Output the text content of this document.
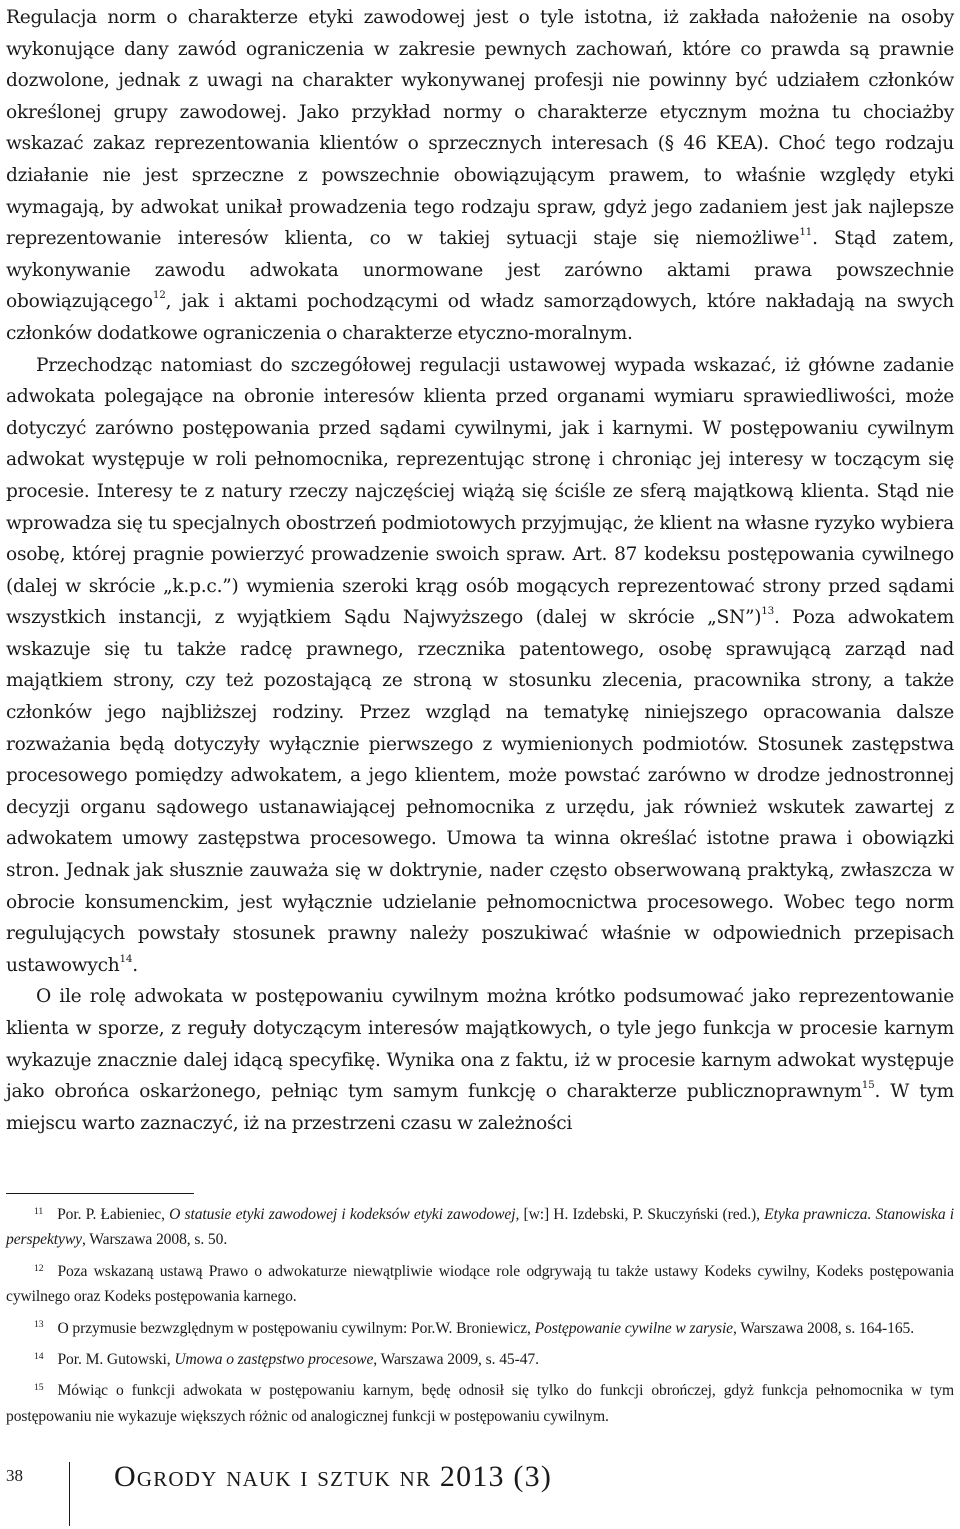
Regulacja norm o charakterze etyki zawodowej jest o tyle istotna, iż zakłada nałożenie na osoby wykonujące dany zawód ograniczenia w zakresie pewnych zachowań, które co prawda są prawnie dozwolone, jednak z uwagi na charakter wykonywanej profesji nie powinny być udziałem członków określonej grupy zawodowej. Jako przykład normy o charakterze etycznym można tu chociażby wskazać zakaz reprezentowania klientów o sprzecznych interesach (§ 46 KEA). Choć tego rodzaju działanie nie jest sprzeczne z powszechnie obowiązującym prawem, to właśnie względy etyki wymagają, by adwokat unikał prowadzenia tego rodzaju spraw, gdyż jego zadaniem jest jak najlepsze reprezentowanie interesów klienta, co w takiej sytuacji staje się niemożliwe$^{11}$. Stąd zatem, wykonywanie zawodu adwokata unormowane jest zarówno aktami prawa powszechnie obowiązującego$^{12}$, jak i aktami pochodzącymi od władz samorządowych, które nakładają na swych członków dodatkowe ograniczenia o charakterze etyczno-moralnym.

Przechodząc natomiast do szczegółowej regulacji ustawowej wypada wskazać, iż główne zadanie adwokata polegające na obronie interesów klienta przed organami wymiaru sprawiedliwości, może dotyczyć zarówno postępowania przed sądami cywilnymi, jak i karnymi. W postępowaniu cywilnym adwokat występuje w roli pełnomocnika, reprezentując stronę i chroniąc jej interesy w toczącym się procesie. Interesy te z natury rzeczy najczęściej wiążą się ściśle ze sferą majątkową klienta. Stąd nie wprowadza się tu specjalnych obostrzeń podmiotowych przyjmując, że klient na własne ryzyko wybiera osobę, której pragnie powierzyć prowadzenie swoich spraw. Art. 87 kodeksu postępowania cywilnego (dalej w skrócie „k.p.c.”) wymienia szeroki krąg osób mogących reprezentować strony przed sądami wszystkich instancji, z wyjątkiem Sądu Najwyższego (dalej w skrócie „SN”)$^{13}$. Poza adwokatem wskazuje się tu także radcę prawnego, rzecznika patentowego, osobę sprawującą zarząd nad majątkiem strony, czy też pozostającą ze stroną w stosunku zlecenia, pracownika strony, a także członków jego najbliższej rodziny. Przez wzgląd na tematykę niniejszego opracowania dalsze rozważania będą dotyczyły wyłącznie pierwszego z wymienionych podmiotów. Stosunek zastępstwa procesowego pomiędzy adwokatem, a jego klientem, może powstać zarówno w drodze jednostronnej decyzji organu sądowego ustanawiającej pełnomocnika z urzędu, jak również wskutek zawartej z adwokatem umowy zastępstwa procesowego. Umowa ta winna określać istotne prawa i obowiązki stron. Jednak jak słusznie zauważa się w doktrynie, nader często obserwowaną praktyką, zwłaszcza w obrocie konsumenckim, jest wyłącznie udzielanie pełnomocnictwa procesowego. Wobec tego norm regulujących powstały stosunek prawny należy poszukiwać właśnie w odpowiednich przepisach ustawowych$^{14}$.

O ile rolę adwokata w postępowaniu cywilnym można krótko podsumować jako reprezentowanie klienta w sporze, z reguły dotyczącym interesów majątkowych, o tyle jego funkcja w procesie karnym wykazuje znacznie dalej idącą specyfikę. Wynika ona z faktu, iż w procesie karnym adwokat występuje jako obrońca oskarżonego, pełniąc tym samym funkcję o charakterze publicznoprawnym$^{15}$. W tym miejscu warto zaznaczyć, iż na przestrzeni czasu w zależności

$^{11}$ Por. P. Łabieniec, O statusie etyki zawodowej i kodeksów etyki zawodowej, [w:] H. Izdebski, P. Skuczyński (red.), Etyka prawnicza. Stanowiska i perspektywy, Warszawa 2008, s. 50.

$^{12}$ Poza wskazaną ustawą Prawo o adwokaturze niewątpliwie wiodące role odgrywają tu także ustawy Kodeks cywilny, Kodeks postępowania cywilnego oraz Kodeks postępowania karnego.

$^{13}$ O przymusie bezwzględnym w postępowaniu cywilnym: Por.W. Broniewicz, Postępowanie cywilne w zarysie, Warszawa 2008, s. 164-165.

$^{14}$ Por. M. Gutowski, Umowa o zastępstwo procesowe, Warszawa 2009, s. 45-47.

$^{15}$ Mówiąc o funkcji adwokata w postępowaniu karnym, będę odnosił się tylko do funkcji obrończej, gdyż funkcja pełnomocnika w tym postępowaniu nie wykazuje większych różnic od analogicznej funkcji w postępowaniu cywilnym.

38	Ogrody nauk i sztuk nr 2013 (3)
